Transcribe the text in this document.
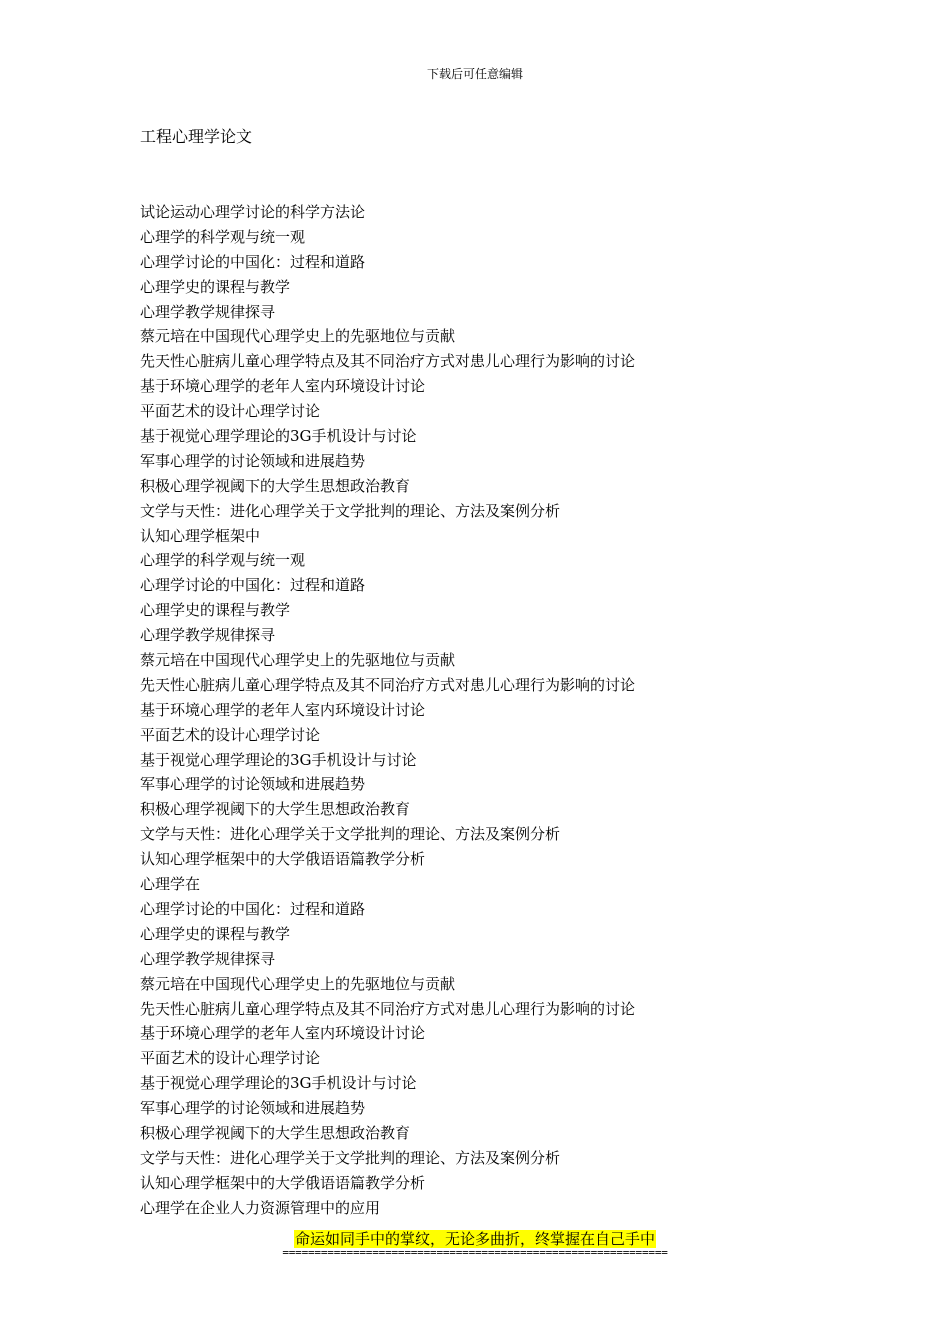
下载后可任意编辑
工程心理学论文
试论运动心理学讨论的科学方法论
心理学的科学观与统一观
心理学讨论的中国化：过程和道路
心理学史的课程与教学
心理学教学规律探寻
蔡元培在中国现代心理学史上的先驱地位与贡献
先天性心脏病儿童心理学特点及其不同治疗方式对患儿心理行为影响的讨论
基于环境心理学的老年人室内环境设计讨论
平面艺术的设计心理学讨论
基于视觉心理学理论的3G手机设计与讨论
军事心理学的讨论领域和进展趋势
积极心理学视阈下的大学生思想政治教育
文学与天性：进化心理学关于文学批判的理论、方法及案例分析
认知心理学框架中
心理学的科学观与统一观
心理学讨论的中国化：过程和道路
心理学史的课程与教学
心理学教学规律探寻
蔡元培在中国现代心理学史上的先驱地位与贡献
先天性心脏病儿童心理学特点及其不同治疗方式对患儿心理行为影响的讨论
基于环境心理学的老年人室内环境设计讨论
平面艺术的设计心理学讨论
基于视觉心理学理论的3G手机设计与讨论
军事心理学的讨论领域和进展趋势
积极心理学视阈下的大学生思想政治教育
文学与天性：进化心理学关于文学批判的理论、方法及案例分析
认知心理学框架中的大学俄语语篇教学分析
心理学在
心理学讨论的中国化：过程和道路
心理学史的课程与教学
心理学教学规律探寻
蔡元培在中国现代心理学史上的先驱地位与贡献
先天性心脏病儿童心理学特点及其不同治疗方式对患儿心理行为影响的讨论
基于环境心理学的老年人室内环境设计讨论
平面艺术的设计心理学讨论
基于视觉心理学理论的3G手机设计与讨论
军事心理学的讨论领域和进展趋势
积极心理学视阈下的大学生思想政治教育
文学与天性：进化心理学关于文学批判的理论、方法及案例分析
认知心理学框架中的大学俄语语篇教学分析
心理学在企业人力资源管理中的应用
命运如同手中的掌纹，无论多曲折，终掌握在自己手中
============================================================
